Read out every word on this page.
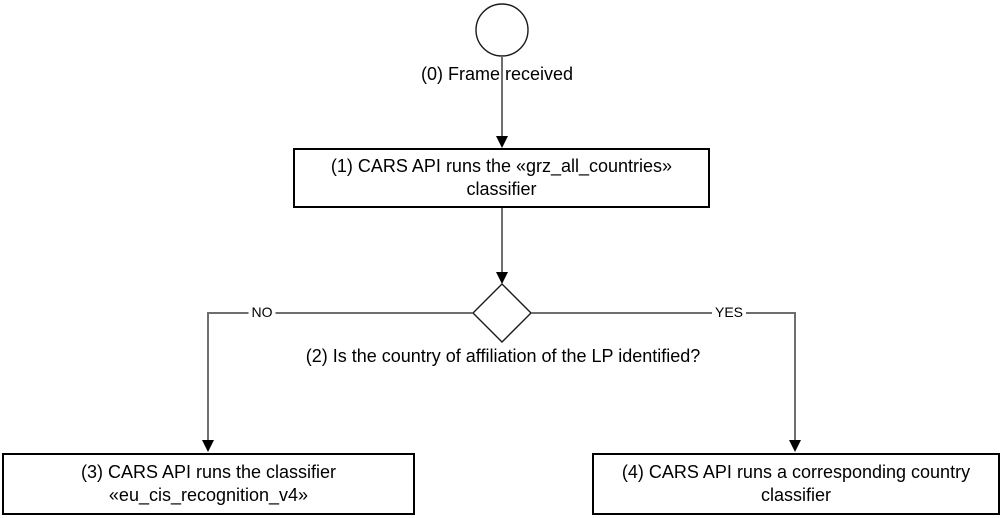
(0) Frame received
(1) CARS API runs the «grz_all_countries» classifier
(2) Is the country of affiliation of the LP identified?
NO	YES
(3) CARS API runs the classifier «eu_cis_recognition_v4»
(4) CARS API runs a corresponding country classifier
